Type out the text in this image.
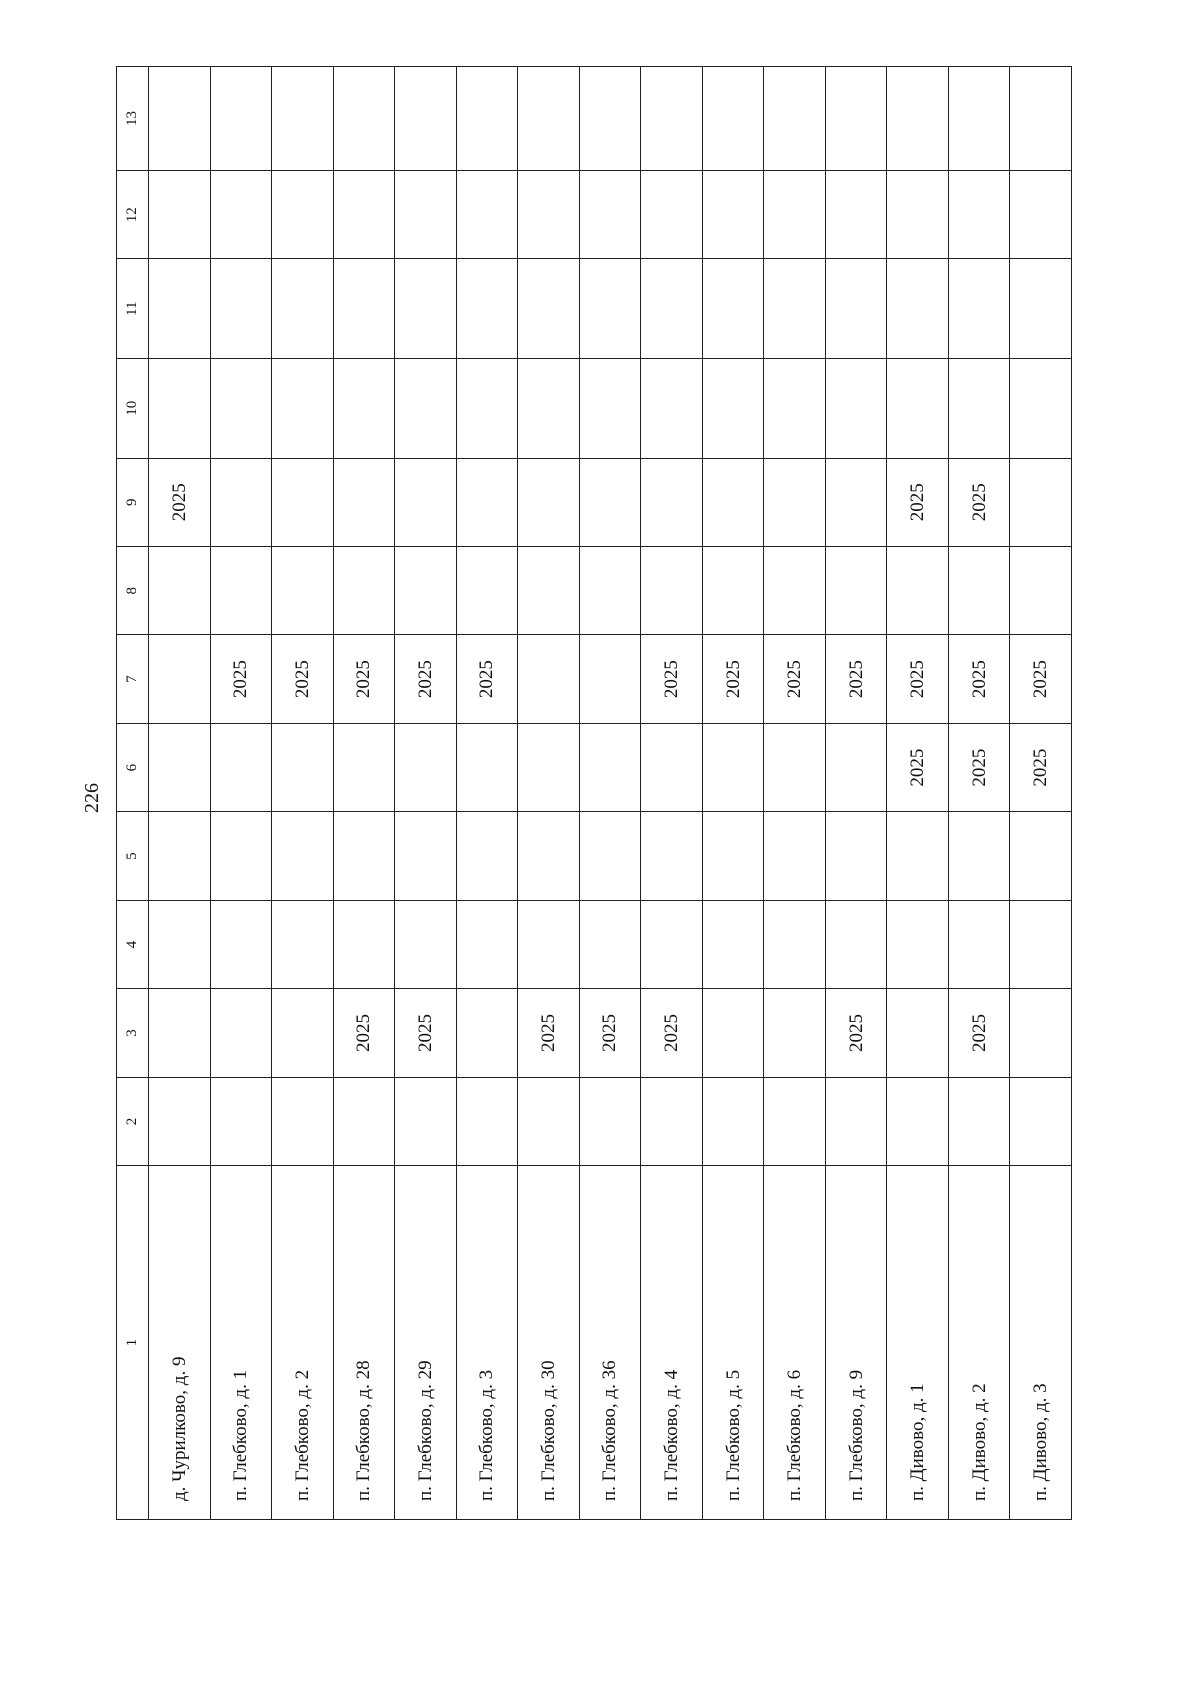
226
1	2	3	4	5	6	7	8	9	10	11	12	13
д. Чурилково, д. 9								2025				
п. Глебково, д. 1						2025						
п. Глебково, д. 2						2025						
п. Глебково, д. 28		2025				2025						
п. Глебково, д. 29		2025				2025						
п. Глебково, д. 3						2025						
п. Глебково, д. 30		2025										
п. Глебково, д. 36		2025										
п. Глебково, д. 4		2025				2025						
п. Глебково, д. 5						2025						
п. Глебково, д. 6						2025						
п. Глебково, д. 9		2025				2025						
п. Дивово, д. 1					2025	2025		2025				
п. Дивово, д. 2		2025			2025	2025		2025				
п. Дивово, д. 3					2025	2025						
